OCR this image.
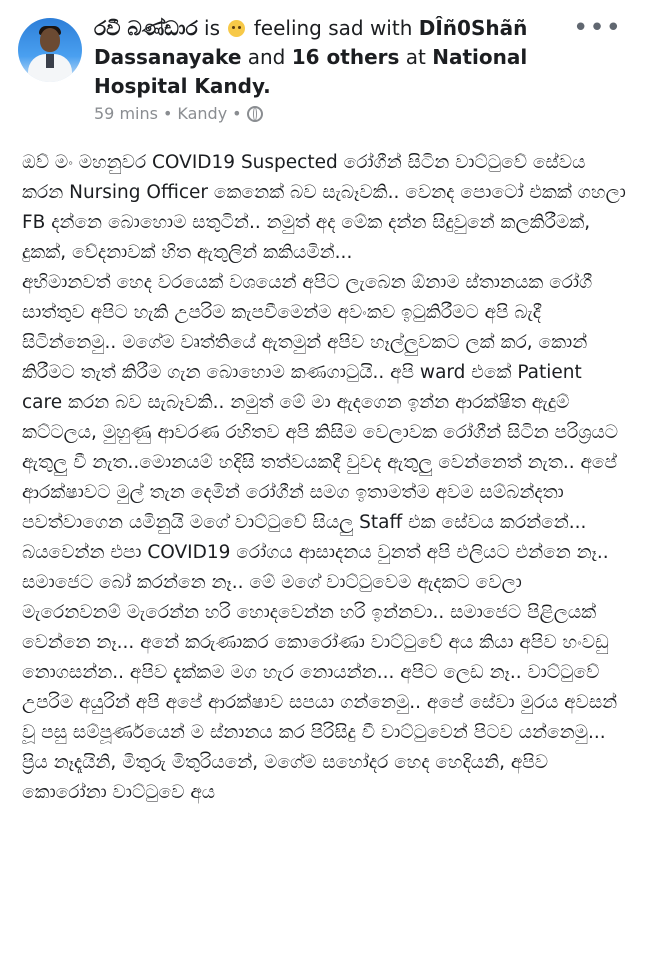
රවී බණ්ඩාර is  feeling sad with DÎñ0Shãñ Dassanayake and 16 others at National Hospital Kandy.
•••
59 mins • Kandy •
ඔව් මං මහනුවර COVID19 Suspected රෝගීන් සිටින වාට්ටුවේ සේවය කරන Nursing Officer කෙනෙක් බව සැබෑවකි.. වෙනද පොටෝ එකක් ගහලා FB දන්නෙ බොහොම සතුටින්.. නමුත් අද මේක දන්න සිදුවුනේ කලකිරීමක්, දුකක්, වේදනාවක් හිත ඇතුලින් කකියමින්...
අභිමානවත් හෙද වරයෙක් වශයෙන් අපිට ලැබෙන ඕනාම ස්තානයක රෝගී සාත්තුව අපිට හැකි උපරිම කැපවීමෙන්ම අවංකව ඉටුකිරීමට අපි බැදී සිටින්නෙමු.. මගේම වෘත්තියේ ඇතමුන් අපිව හෑල්ලුවකට ලක් කර, කොන් කිරීමට තැත් කිරීම ගැන බොහොම කණගාටුයි.. අපි ward එකේ Patient care කරන බව සැබෑවකි.. නමුත් මේ මා ඇදගෙන ඉන්න ආරක්ෂිත ඇදුම් කට්ටලය, මුහුණු ආවරණ රහිතව අපි කිසිම වෙලාවක රෝගීන් සිටින පරිශ්‍රයට ඇතුලු වී නැත..මොනයම් හදිසි තත්වයකදී වුවද ඇතුලු වෙන්නෙත් නැත.. අපේ ආරක්ෂාවට මුල් තැන දෙමින් රෝගීන් සමග ඉතාමත්ම අවම සම්බන්දතා පවත්වාගෙන යමිනුයි මගේ වාට්ටුවේ සියලු Staff එක සේවය කරන්නේ... බයවෙන්න එපා COVID19 රෝගය ආසාදනය වුනත් අපි එලියට එන්නෙ නෑ.. සමාජෙට බෝ කරන්නෙ නෑ.. මේ මගේ වාට්ටුවෙම ඇදකට වෙලා මැරෙනවනම් මැරෙන්න හරි හොදවෙන්න හරි ඉන්නවා.. සමාජෙට පිළිලයක් වෙන්නෙ නෑ... අනේ කරුණාකර කොරෝණා වාට්ටුවේ අය කියා අපිව හංවඩු නොගසන්න.. අපිව දැක්කම මග හැර නොයන්න... අපිට ලෙඩ නෑ.. වාට්ටුවේ උපරිම අයුරින් අපි අපේ ආරක්ෂාව සපයා ගන්නෙමු.. අපේ සේවා මුරය අවසන් වූ පසු සම්පූර්ණයෙන් ම ස්නානය කර පිරිසිදු වී වාට්ටුවෙන් පිටව යන්නෙමු... ප්‍රිය නෑදෑයිනි, මිතුරු මිතුරියනේ, මගේම සහෝදර හෙද හෙදියනි, අපිව කොරෝනා වාට්ටුවෙ අය
